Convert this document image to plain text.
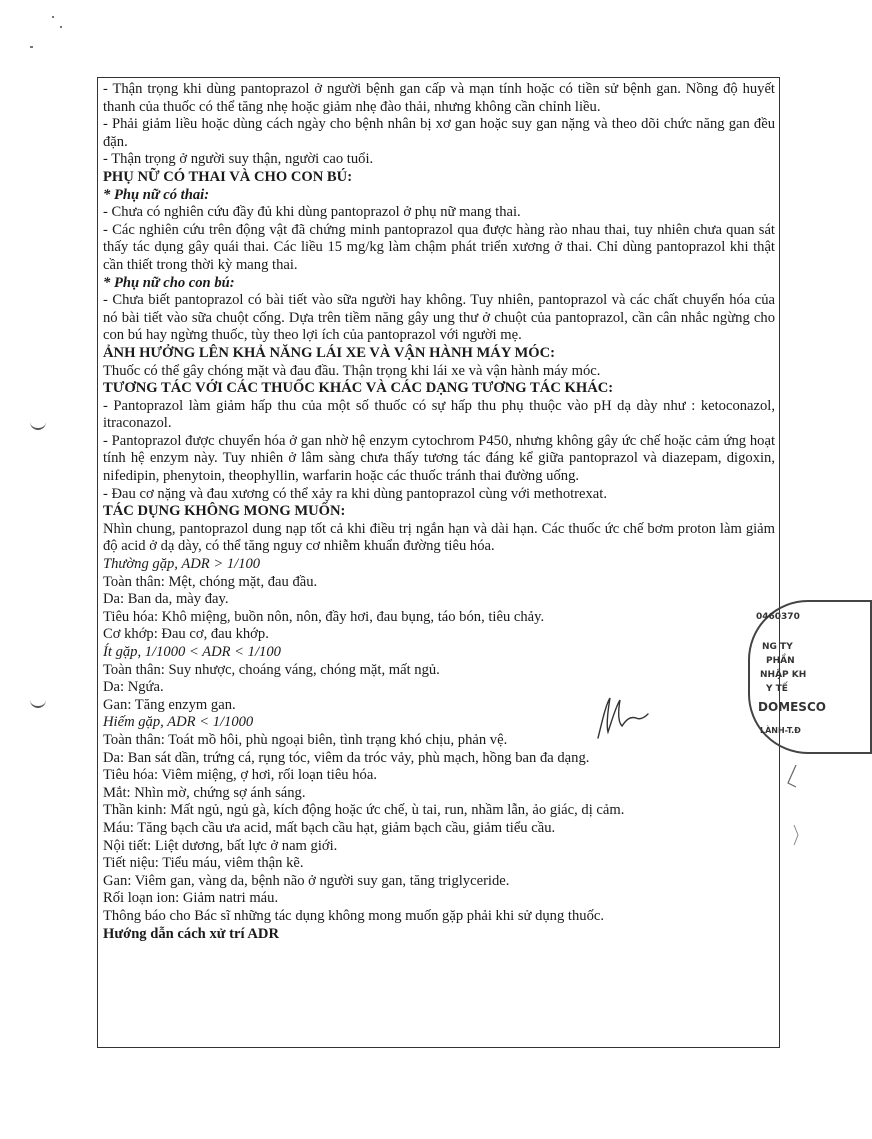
- Thận trọng khi dùng pantoprazol ở người bệnh gan cấp và mạn tính hoặc có tiền sử bệnh gan. Nồng độ huyết thanh của thuốc có thể tăng nhẹ hoặc giảm nhẹ đào thải, nhưng không cần chỉnh liều.

- Phải giảm liều hoặc dùng cách ngày cho bệnh nhân bị xơ gan hoặc suy gan nặng và theo dõi chức năng gan đều đặn.

- Thận trọng ở người suy thận, người cao tuổi.

PHỤ NỮ CÓ THAI VÀ CHO CON BÚ:

* Phụ nữ có thai:

- Chưa có nghiên cứu đầy đủ khi dùng pantoprazol ở phụ nữ mang thai.

- Các nghiên cứu trên động vật đã chứng minh pantoprazol qua được hàng rào nhau thai, tuy nhiên chưa quan sát thấy tác dụng gây quái thai. Các liều 15 mg/kg làm chậm phát triển xương ở thai. Chỉ dùng pantoprazol khi thật cần thiết trong thời kỳ mang thai.

* Phụ nữ cho con bú:

- Chưa biết pantoprazol có bài tiết vào sữa người hay không. Tuy nhiên, pantoprazol và các chất chuyển hóa của nó bài tiết vào sữa chuột cống. Dựa trên tiềm năng gây ung thư ở chuột của pantoprazol, cần cân nhắc ngừng cho con bú hay ngừng thuốc, tùy theo lợi ích của pantoprazol với người mẹ.

ẢNH HƯỞNG LÊN KHẢ NĂNG LÁI XE VÀ VẬN HÀNH MÁY MÓC:

Thuốc có thể gây chóng mặt và đau đầu. Thận trọng khi lái xe và vận hành máy móc.

TƯƠNG TÁC VỚI CÁC THUỐC KHÁC VÀ CÁC DẠNG TƯƠNG TÁC KHÁC:

- Pantoprazol làm giảm hấp thu của một số thuốc có sự hấp thu phụ thuộc vào pH dạ dày như : ketoconazol, itraconazol.

- Pantoprazol được chuyển hóa ở gan nhờ hệ enzym cytochrom P450, nhưng không gây ức chế hoặc cảm ứng hoạt tính hệ enzym này. Tuy nhiên ở lâm sàng chưa thấy tương tác đáng kể giữa pantoprazol và diazepam, digoxin, nifedipin, phenytoin, theophyllin, warfarin hoặc các thuốc tránh thai đường uống.

- Đau cơ nặng và đau xương có thể xảy ra khi dùng pantoprazol cùng với methotrexat.

TÁC DỤNG KHÔNG MONG MUỐN:

Nhìn chung, pantoprazol dung nạp tốt cả khi điều trị ngắn hạn và dài hạn. Các thuốc ức chế bơm proton làm giảm độ acid ở dạ dày, có thể tăng nguy cơ nhiễm khuẩn đường tiêu hóa.

Thường gặp, ADR > 1/100

Toàn thân: Mệt, chóng mặt, đau đầu.

Da: Ban da, mày đay.

Tiêu hóa: Khô miệng, buồn nôn, nôn, đầy hơi, đau bụng, táo bón, tiêu chảy.

Cơ khớp: Đau cơ, đau khớp.

Ít gặp, 1/1000 < ADR < 1/100

Toàn thân: Suy nhược, choáng váng, chóng mặt, mất ngủ.

Da: Ngứa.

Gan: Tăng enzym gan.

Hiếm gặp, ADR < 1/1000

Toàn thân: Toát mồ hôi, phù ngoại biên, tình trạng khó chịu, phản vệ.

Da: Ban sát dần, trứng cá, rụng tóc, viêm da tróc vảy, phù mạch, hồng ban đa dạng.

Tiêu hóa: Viêm miệng, ợ hơi, rối loạn tiêu hóa.

Mắt: Nhìn mờ, chứng sợ ánh sáng.

Thần kinh: Mất ngủ, ngủ gà, kích động hoặc ức chế, ù tai, run, nhầm lẫn, ảo giác, dị cảm.

Máu: Tăng bạch cầu ưa acid, mất bạch cầu hạt, giảm bạch cầu, giảm tiểu cầu.

Nội tiết: Liệt dương, bất lực ở nam giới.

Tiết niệu: Tiểu máu, viêm thận kẽ.

Gan: Viêm gan, vàng da, bệnh não ở người suy gan, tăng triglyceride.

Rối loạn ion: Giảm natri máu.

Thông báo cho Bác sĩ những tác dụng không mong muốn gặp phải khi sử dụng thuốc.

Hướng dẫn cách xử trí ADR

0460370
NG TY
PHẦN
NHẬP KH
Y TẾ
DOMESCO
LÀNH-T.Đ
